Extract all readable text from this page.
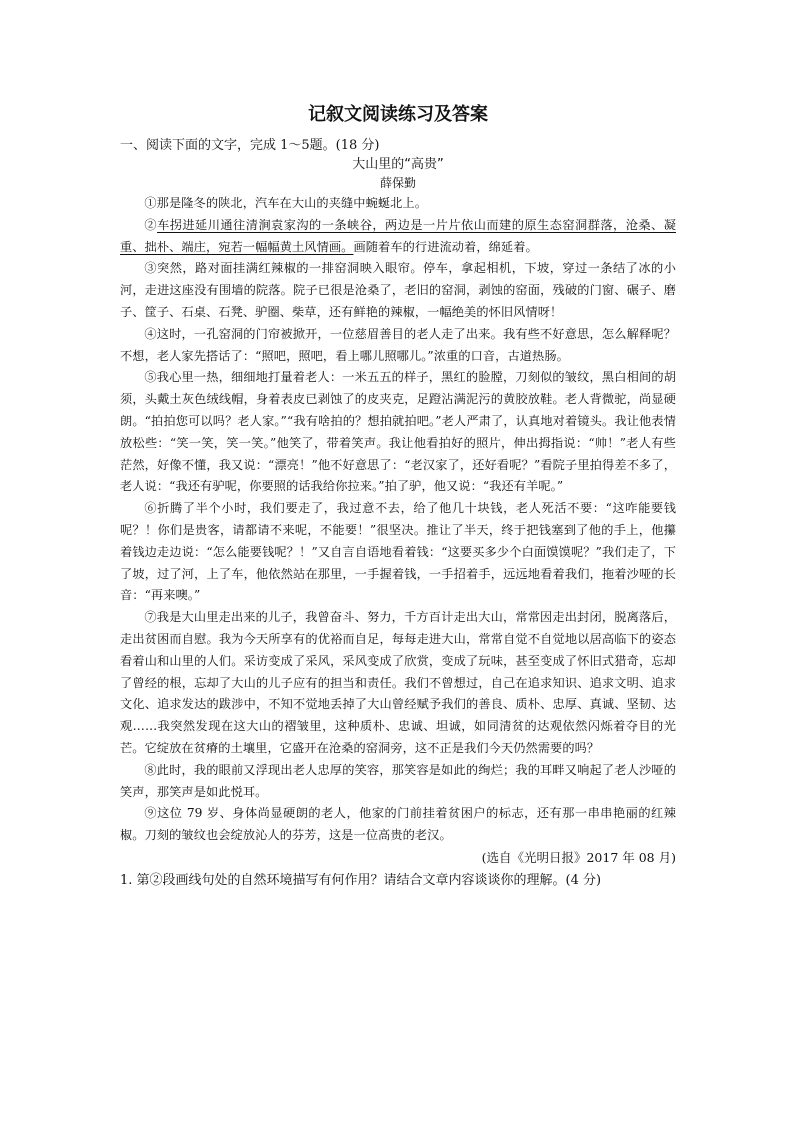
记叙文阅读练习及答案

一、阅读下面的文字，完成 1～5题。(18 分)

大山里的“高贵”
薛保勤

①那是隆冬的陕北，汽车在大山的夹缝中蜿蜒北上。

②车拐进延川通往清涧袁家沟的一条峡谷，两边是一片片依山而建的原生态窑洞群落，沧桑、凝重、拙朴、端庄，宛若一幅幅黄土风情画。画随着车的行进流动着，绵延着。

③突然，路对面挂满红辣椒的一排窑洞映入眼帘。停车，拿起相机，下坡，穿过一条结了冰的小河，走进这座没有围墙的院落。院子已很是沧桑了，老旧的窑洞，剥蚀的窑面，残破的门窗、碾子、磨子、筐子、石桌、石凳、驴圈、柴草，还有鲜艳的辣椒，一幅绝美的怀旧风情呀！

④这时，一孔窑洞的门帘被掀开，一位慈眉善目的老人走了出来。我有些不好意思，怎么解释呢？不想，老人家先搭话了：“照吧，照吧，看上哪儿照哪儿。”浓重的口音，古道热肠。

⑤我心里一热，细细地打量着老人：一米五五的样子，黑红的脸膛，刀刻似的皱纹，黑白相间的胡须，头戴土灰色绒线帽，身着表皮已剥蚀了的皮夹克，足蹬沾满泥污的黄胶放鞋。老人背微驼，尚显硬朗。“拍拍您可以吗？老人家。”“我有啥拍的？想拍就拍吧。”老人严肃了，认真地对着镜头。我让他表情放松些：“笑一笑，笑一笑。”他笑了，带着笑声。我让他看拍好的照片，伸出拇指说：“帅！”老人有些茫然，好像不懂，我又说：“漂亮！”他不好意思了：“老汉家了，还好看呢？”看院子里拍得差不多了，老人说：“我还有驴呢，你要照的话我给你拉来。”拍了驴，他又说：“我还有羊呢。”

⑥折腾了半个小时，我们要走了，我过意不去，给了他几十块钱，老人死活不要：“这咋能要钱呢？！你们是贵客，请都请不来呢，不能要！”很坚决。推让了半天，终于把钱塞到了他的手上，他攥着钱边走边说：“怎么能要钱呢？！”又自言自语地看着钱：“这要买多少个白面馍馍呢？”我们走了，下了坡，过了河，上了车，他依然站在那里，一手握着钱，一手招着手，远远地看着我们，拖着沙哑的长音：“再来噢。”

⑦我是大山里走出来的儿子，我曾奋斗、努力，千方百计走出大山，常常因走出封闭，脱离落后，走出贫困而自慰。我为今天所享有的优裕而自足，每每走进大山，常常自觉不自觉地以居高临下的姿态看着山和山里的人们。采访变成了采风，采风变成了欣赏，变成了玩味，甚至变成了怀旧式猎奇，忘却了曾经的根，忘却了大山的儿子应有的担当和责任。我们不曾想过，自己在追求知识、追求文明、追求文化、追求发达的跋涉中，不知不觉地丢掉了大山曾经赋予我们的善良、质朴、忠厚、真诚、坚韧、达观……我突然发现在这大山的褶皱里，这种质朴、忠诚、坦诚，如同清贫的达观依然闪烁着夺目的光芒。它绽放在贫瘠的土壤里，它盛开在沧桑的窑洞旁，这不正是我们今天仍然需要的吗？

⑧此时，我的眼前又浮现出老人忠厚的笑容，那笑容是如此的绚烂；我的耳畔又响起了老人沙哑的笑声，那笑声是如此悦耳。

⑨这位 79 岁、身体尚显硬朗的老人，他家的门前挂着贫困户的标志，还有那一串串艳丽的红辣椒。刀刻的皱纹也会绽放沁人的芬芳，这是一位高贵的老汉。

(选自《光明日报》2017 年 08 月)

1. 第②段画线句处的自然环境描写有何作用？请结合文章内容谈谈你的理解。(4 分)
